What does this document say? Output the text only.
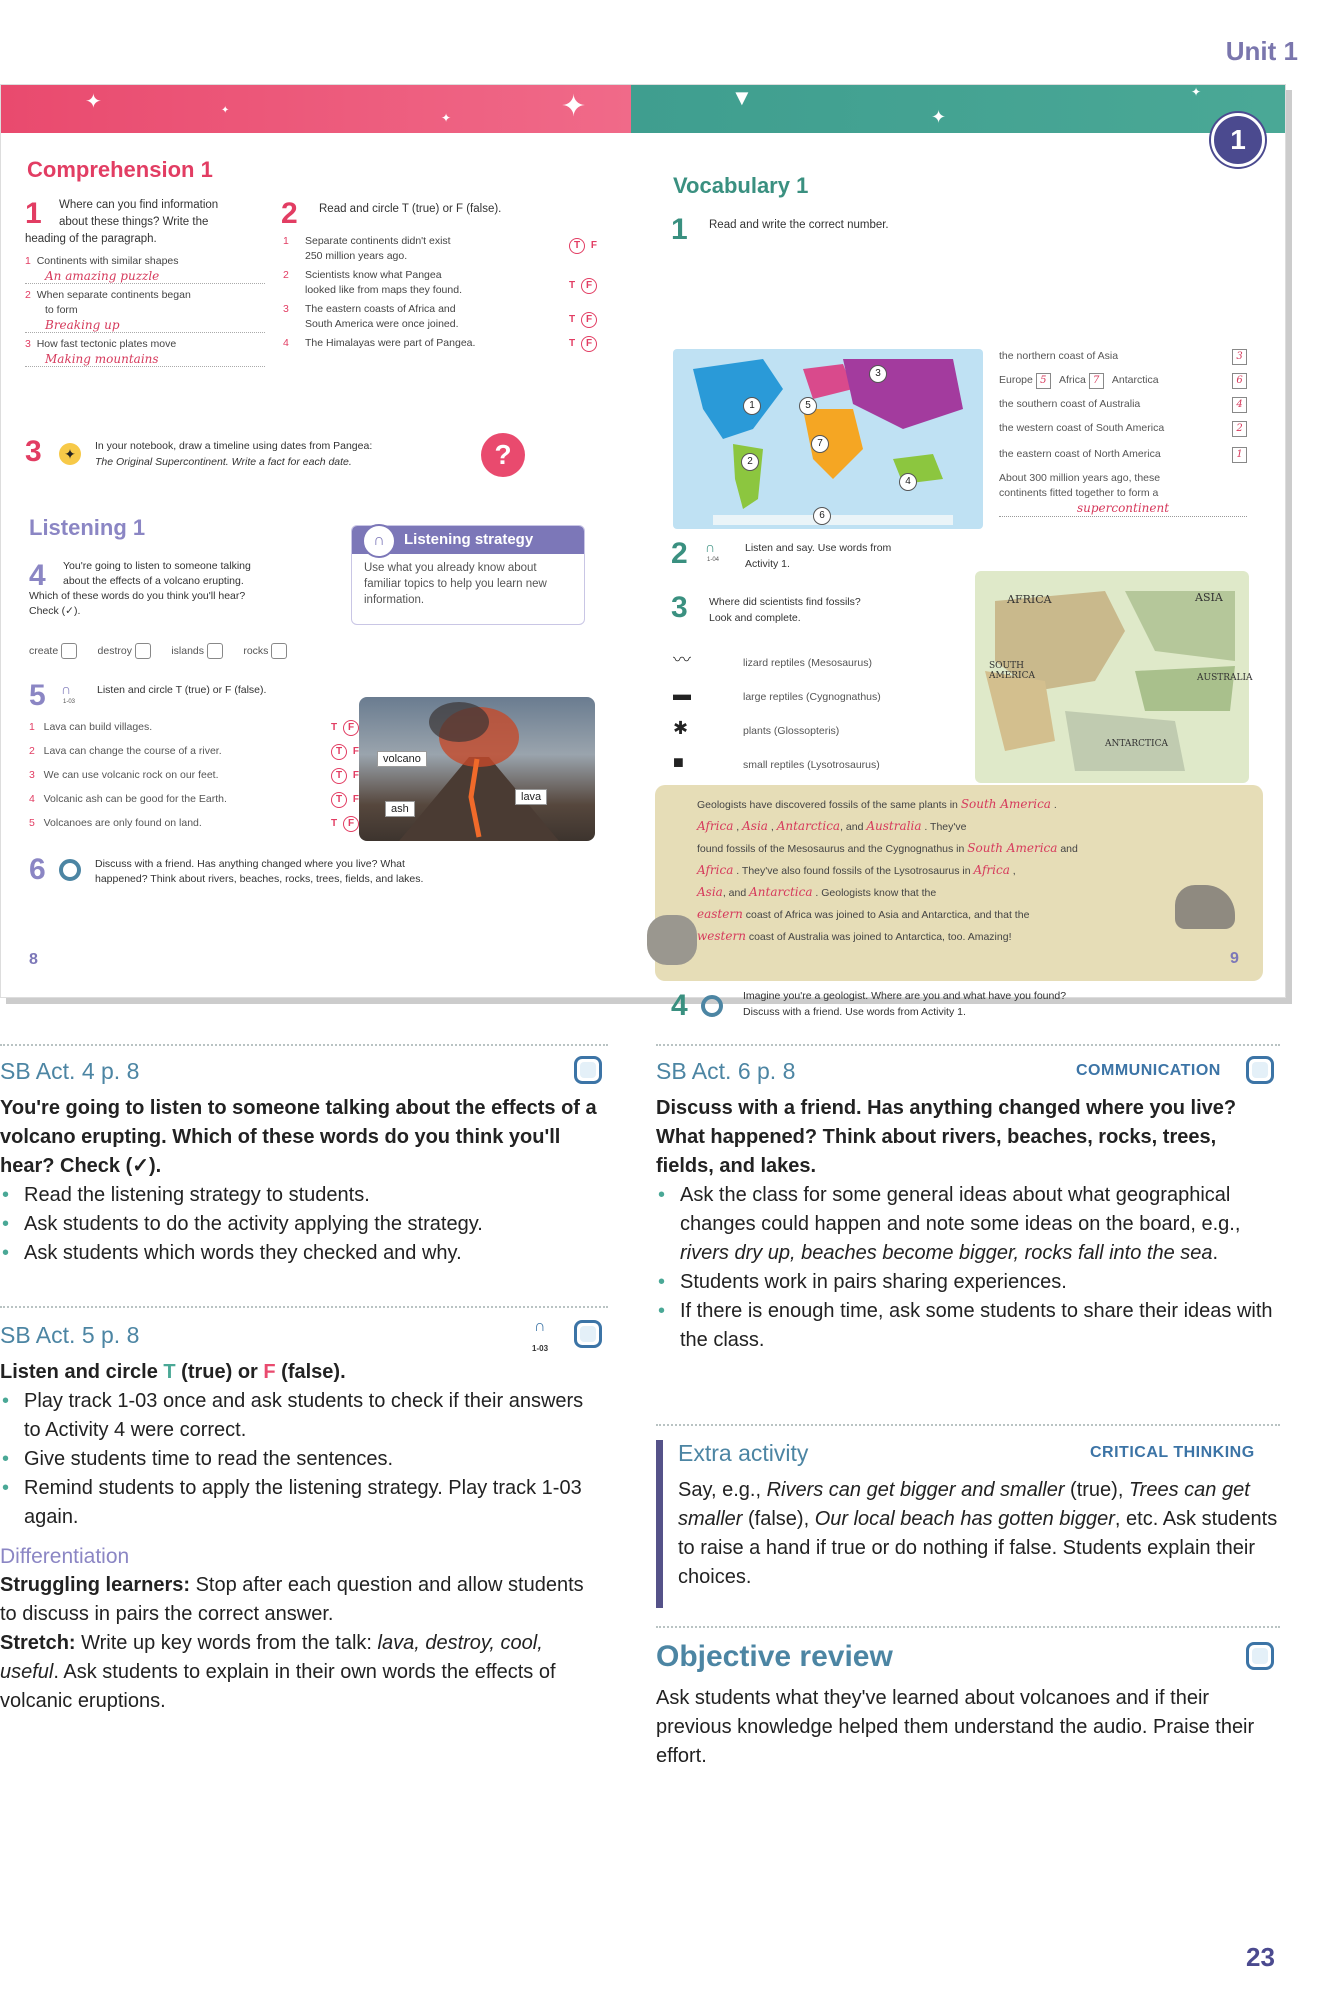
Unit 1
✦	✦
✦	✦	▼
✦
✦
1
Comprehension 1
1	Where can you find information
about these things? Write the
heading of the paragraph.
1 Continents with similar shapes
An amazing puzzle
2 When separate continents began
to form
Breaking up
3 How fast tectonic plates move
Making mountains
2	Read and circle T (true) or F (false).
1 Separate continents didn't exist
250 million years ago.
T F
2 Scientists know what Pangea
looked like from maps they found.	T F
3 The eastern coasts of Africa and
South America were once joined.	T F
4 The Himalayas were part of Pangea.	T F
3	✦	In your notebook, draw a timeline using dates from Pangea:
The Original Supercontinent. Write a fact for each date.	?
Listening 1
∩	Listening strategy
Use what you already know about familiar topics to help you learn new information.
4	You're going to listen to someone talking
about the effects of a volcano erupting.
Which of these words do you think you'll hear?
Check (✓).
create	destroy	islands	rocks
5 ∩
1-03
Listen and circle T (true) or F (false).
1 Lava can build villages.	T F
2 Lava can change the course of a river.	T F
3 We can use volcanic rock on our feet.	T F
4 Volcanic ash can be good for the Earth.	T F
5 Volcanoes are only found on land.	T F
volcano
ash
lava
6	Discuss with a friend. Has anything changed where you live? What
happened? Think about rivers, beaches, rocks, trees, fields, and lakes.
8
Vocabulary 1
1 Read and write the correct number.
1
2
3
4
5
6
7
the northern coast of Asia	3
Europe 5 Africa 7 Antarctica	6
the southern coast of Australia	4
the western coast of South America	2
the eastern coast of North America	1
About 300 million years ago, these
continents fitted together to form a
supercontinent
2 ∩
1-04
Listen and say. Use words from
Activity 1.
3 Where did scientists find fossils?
Look and complete.
〰	lizard reptiles (Mesosaurus)
▬	large reptiles (Cygnognathus)
✱	plants (Glossopteris)
■	small reptiles (Lysotrosaurus)
AFRICA	ASIA
SOUTH AMERICA	AUSTRALIA
ANTARCTICA
Geologists have discovered fossils of the same plants in South America .
Africa , Asia , Antarctica, and Australia . They've
found fossils of the Mesosaurus and the Cygnognathus in South America and
Africa . They've also found fossils of the Lysotrosaurus in Africa ,
Asia, and Antarctica . Geologists know that the
eastern coast of Africa was joined to Asia and Antarctica, and that the
western coast of Australia was joined to Antarctica, too. Amazing!
4	Imagine you're a geologist. Where are you and what have you found?
Discuss with a friend. Use words from Activity 1.
9
SB Act. 4 p. 8

You're going to listen to someone talking about the effects of a volcano erupting. Which of these words do you think you'll hear? Check (✓).

• Read the listening strategy to students.

• Ask students to do the activity applying the strategy.

• Ask students which words they checked and why.

SB Act. 5 p. 8	∩
1-03

Listen and circle T (true) or F (false).

• Play track 1-03 once and ask students to check if their answers to Activity 4 were correct.

• Give students time to read the sentences.

• Remind students to apply the listening strategy. Play track 1-03 again.

Differentiation

Struggling learners: Stop after each question and allow students to discuss in pairs the correct answer.

Stretch: Write up key words from the talk: lava, destroy, cool, useful. Ask students to explain in their own words the effects of volcanic eruptions.

SB Act. 6 p. 8	COMMUNICATION

Discuss with a friend. Has anything changed where you live? What happened? Think about rivers, beaches, rocks, trees, fields, and lakes.

• Ask the class for some general ideas about what geographical changes could happen and note some ideas on the board, e.g., rivers dry up, beaches become bigger, rocks fall into the sea.

• Students work in pairs sharing experiences.

• If there is enough time, ask some students to share their ideas with the class.

Extra activity	CRITICAL THINKING
Say, e.g., Rivers can get bigger and smaller (true), Trees can get smaller (false), Our local beach has gotten bigger, etc. Ask students to raise a hand if true or do nothing if false. Students explain their choices.
Objective review
Ask students what they've learned about volcanoes and if their previous knowledge helped them understand the audio. Praise their effort.
23
